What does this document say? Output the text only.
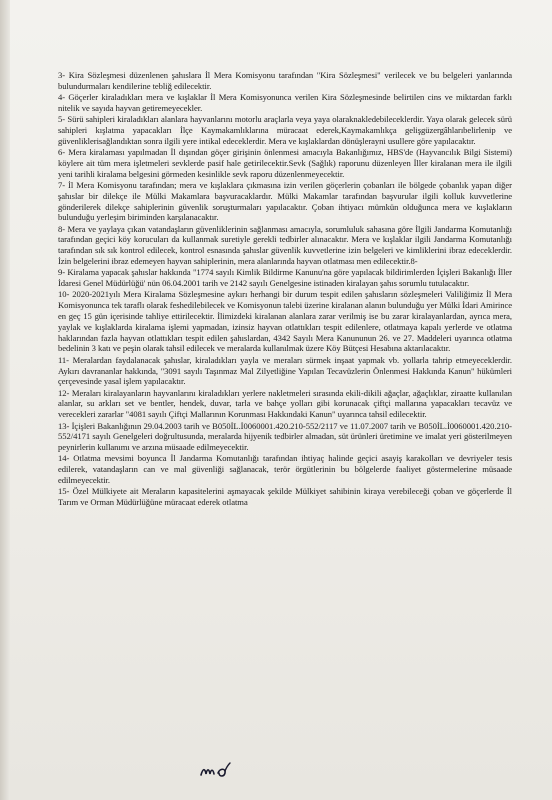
3- Kira Sözleşmesi düzenlenen şahıslara İl Mera Komisyonu tarafından "Kira Sözleşmesi" verilecek ve bu belgeleri yanlarında bulundurmaları kendilerine tebliğ edilecektir.

4- Göçerler kiraladıkları mera ve kışlaklar İl Mera Komisyonunca verilen Kira Sözleşmesinde belirtilen cins ve miktardan farklı nitelik ve sayıda hayvan getiremeyecekler.

5- Sürü sahipleri kiraladıkları alanlara hayvanlarını motorlu araçlarla veya yaya olaraknakledebileceklerdir. Yaya olarak gelecek sürü sahipleri kışlatma yapacakları İlçe Kaymakamlıklarına müracaat ederek,Kaymakamlıkça gelişgüzergâhlarıbelirlenip ve güvenliklerisağlandıktan sonra ilgili yere intikal edeceklerdir. Mera ve kışlaklardan dönüşlerayni usullere göre yapılacaktır.

6- Mera kiralaması yapılmadan İl dışından göçer girişinin önlenmesi amacıyla Bakanlığımız, HBS'de (Hayvancılık Bilgi Sistemi) köylere ait tüm mera işletmeleri sevklerde pasif hale getirilecektir.Sevk (Sağlık) raporunu düzenleyen İller kiralanan mera ile ilgili yeni tarihli kiralama belgesini görmeden kesinlikle sevk raporu düzenlenmeyecektir.

7- İl Mera Komisyonu tarafından; mera ve kışlaklara çıkmasına izin verilen göçerlerin çobanları ile bölgede çobanlık yapan diğer şahıslar bir dilekçe ile Mülki Makamlara başvuracaklardır. Mülki Makamlar tarafından başvurular ilgili kolluk kuvvetlerine gönderilerek dilekçe sahiplerinin güvenlik soruşturmaları yapılacaktır. Çoban ihtiyacı mümkün olduğunca mera ve kışlakların bulunduğu yerleşim biriminden karşılanacaktır.

8- Mera ve yaylaya çıkan vatandaşların güvenliklerinin sağlanması amacıyla, sorumluluk sahasına göre İlgili Jandarma Komutanlığı tarafından geçici köy korucuları da kullanmak suretiyle gerekli tedbirler alınacaktır. Mera ve kışlaklar ilgili Jandarma Komutanlığı tarafından sık sık kontrol edilecek, kontrol esnasında şahıslar güvenlik kuvvetlerine izin belgeleri ve kimliklerini ibraz edeceklerdir. İzin belgelerini ibraz edemeyen hayvan sahiplerinin, mera alanlarında hayvan otlatması men edilecektir.8-

9- Kiralama yapacak şahıslar hakkında "1774 sayılı Kimlik Bildirme Kanunu'na göre yapılacak bildirimlerden İçişleri Bakanlığı İller İdaresi Genel Müdürlüğü' nün 06.04.2001 tarih ve 2142 sayılı Genelgesine istinaden kiralayan şahıs sorumlu tutulacaktır.

10- 2020-2021yılı Mera Kiralama Sözleşmesine aykırı herhangi bir durum tespit edilen şahısların sözleşmeleri Valiliğimiz İl Mera Komisyonunca tek taraflı olarak feshedilebilecek ve Komisyonun talebi üzerine kiralanan alanın bulunduğu yer Mülki İdari Amirince en geç 15 gün içerisinde tahliye ettirilecektir. İlimizdeki kiralanan alanlara zarar verilmiş ise bu zarar kiralayanlardan, ayrıca mera, yaylak ve kışlaklarda kiralama işlemi yapmadan, izinsiz hayvan otlattıkları tespit edilenlere, otlatmaya kapalı yerlerde ve otlatma haklarından fazla hayvan otlattıkları tespit edilen şahıslardan, 4342 Sayılı Mera Kanununun 26. ve 27. Maddeleri uyarınca otlatma bedelinin 3 katı ve peşin olarak tahsil edilecek ve meralarda kullanılmak üzere Köy Bütçesi Hesabına aktarılacaktır.

11- Meralardan faydalanacak şahıslar, kiraladıkları yayla ve meraları sürmek inşaat yapmak vb. yollarla tahrip etmeyeceklerdir. Aykırı davrananlar hakkında, "3091 sayılı Taşınmaz Mal Zilyetliğine Yapılan Tecavüzlerin Önlenmesi Hakkında Kanun" hükümleri çerçevesinde yasal işlem yapılacaktır.

12- Meraları kiralayanların hayvanlarını kiraladıkları yerlere nakletmeleri sırasında ekili-dikili ağaçlar, ağaçlıklar, ziraatte kullanılan alanlar, su arkları set ve bentler, hendek, duvar, tarla ve bahçe yolları gibi korunacak çiftçi mallarına yapacakları tecavüz ve verecekleri zararlar "4081 sayılı Çiftçi Mallarının Korunması Hakkındaki Kanun" uyarınca tahsil edilecektir.

13- İçişleri Bakanlığının 29.04.2003 tarih ve B050İL.İ0060001.420.210-552/2117 ve 11.07.2007 tarih ve B050İL.İ0060001.420.210-552/4171 sayılı Genelgeleri doğrultusunda, meralarda hijyenik tedbirler almadan, süt ürünleri üretimine ve imalat yeri gösterilmeyen peynirlerin kullanımı ve arzına müsaade edilmeyecektir.

14- Otlatma mevsimi boyunca İl Jandarma Komutanlığı tarafından ihtiyaç halinde geçici asayiş karakolları ve devriyeler tesis edilerek, vatandaşların can ve mal güvenliği sağlanacak, terör örgütlerinin bu bölgelerde faaliyet göstermelerine müsaade edilmeyecektir.

15- Özel Mülkiyete ait Meraların kapasitelerini aşmayacak şekilde Mülkiyet sahibinin kiraya verebileceği çoban ve göçerlerde İl Tarım ve Orman Müdürlüğüne müracaat ederek otlatma
